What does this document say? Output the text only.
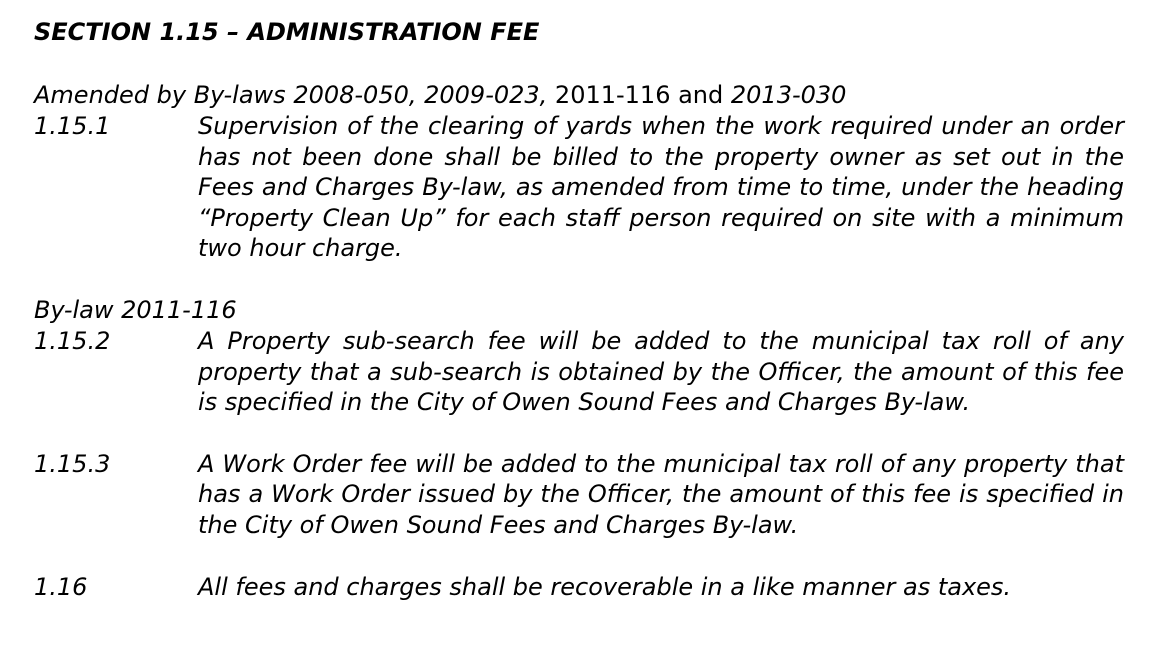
SECTION 1.15 – ADMINISTRATION FEE
Amended by By-laws 2008-050, 2009-023, 2011-116 and 2013-030
1.15.1	Supervision of the clearing of yards when the work required under an order has not been done shall be billed to the property owner as set out in the Fees and Charges By-law, as amended from time to time, under the heading “Property Clean Up” for each staff person required on site with a minimum two hour charge.
By-law 2011-116
1.15.2	A Property sub-search fee will be added to the municipal tax roll of any property that a sub-search is obtained by the Officer, the amount of this fee is specified in the City of Owen Sound Fees and Charges By-law.
1.15.3	A Work Order fee will be added to the municipal tax roll of any property that has a Work Order issued by the Officer, the amount of this fee is specified in the City of Owen Sound Fees and Charges By-law.
1.16	All fees and charges shall be recoverable in a like manner as taxes.
